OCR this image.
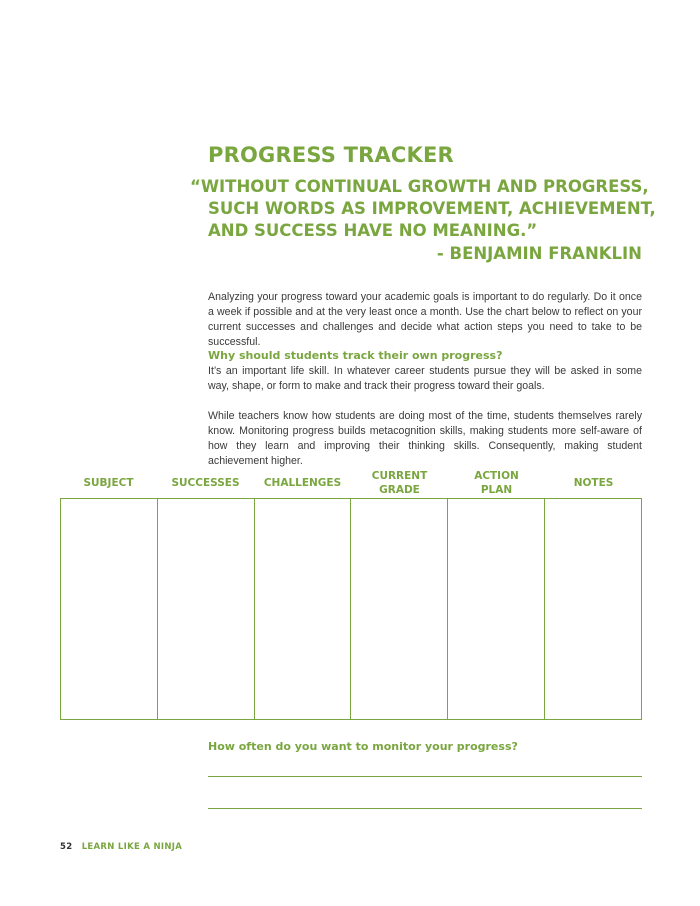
PROGRESS TRACKER
“WITHOUT CONTINUAL GROWTH AND PROGRESS,
SUCH WORDS AS IMPROVEMENT, ACHIEVEMENT,
AND SUCCESS HAVE NO MEANING.”
- BENJAMIN FRANKLIN

Analyzing your progress toward your academic goals is important to do regularly. Do it once a week if possible and at the very least once a month. Use the chart below to reflect on your current successes and challenges and decide what action steps you need to take to be successful.

Why should students track their own progress?

It’s an important life skill. In whatever career students pursue they will be asked in some way, shape, or form to make and track their progress toward their goals.

While teachers know how students are doing most of the time, students themselves rarely know. Monitoring progress builds metacognition skills, making students more self-aware of how they learn and improving their thinking skills. Consequently, making student achievement higher.

SUBJECT	SUCCESSES CHALLENGES
CURRENT
GRADE
ACTION
PLAN
NOTES

How often do you want to monitor your progress?

52 LEARN LIKE A NINJA
